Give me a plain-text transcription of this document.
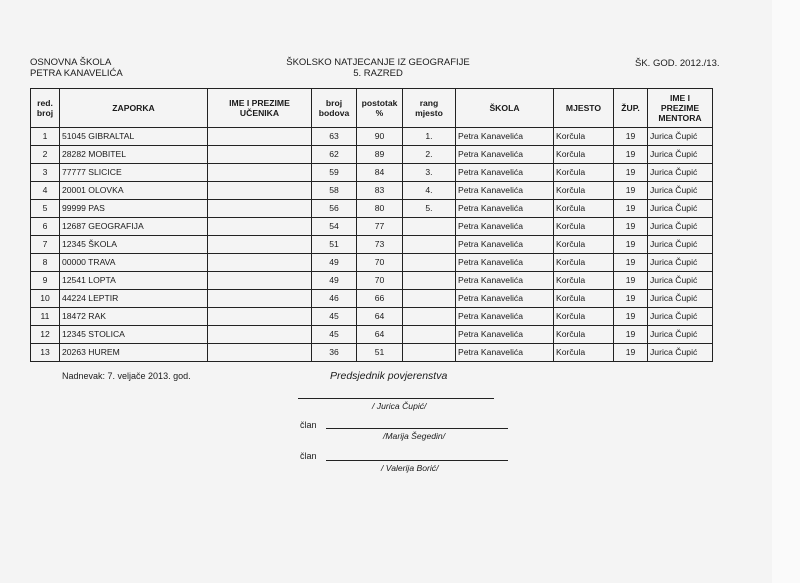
OSNOVNA ŠKOLA
PETRA KANAVELIĆA
ŠKOLSKO NATJECANJE IZ GEOGRAFIJE
5. RAZRED
ŠK. GOD. 2012./13.
red. broj	ZAPORKA	IME I PREZIME UČENIKA	broj bodova	postotak %	rang mjesto	ŠKOLA	MJESTO	ŽUP.	IME I PREZIME MENTORA
1	51045 GIBRALTAL		63	90	1.	Petra Kanavelića	Korčula	19	Jurica Čupić
2	28282 MOBITEL		62	89	2.	Petra Kanavelića	Korčula	19	Jurica Čupić
3	77777 SLICICE		59	84	3.	Petra Kanavelića	Korčula	19	Jurica Čupić
4	20001 OLOVKA		58	83	4.	Petra Kanavelića	Korčula	19	Jurica Čupić
5	99999 PAS		56	80	5.	Petra Kanavelića	Korčula	19	Jurica Čupić
6	12687 GEOGRAFIJA		54	77		Petra Kanavelića	Korčula	19	Jurica Čupić
7	12345 ŠKOLA		51	73		Petra Kanavelića	Korčula	19	Jurica Čupić
8	00000 TRAVA		49	70		Petra Kanavelića	Korčula	19	Jurica Čupić
9	12541 LOPTA		49	70		Petra Kanavelića	Korčula	19	Jurica Čupić
10	44224 LEPTIR		46	66		Petra Kanavelića	Korčula	19	Jurica Čupić
11	18472 RAK		45	64		Petra Kanavelića	Korčula	19	Jurica Čupić
12	12345 STOLICA		45	64		Petra Kanavelića	Korčula	19	Jurica Čupić
13	20263 HUREM		36	51		Petra Kanavelića	Korčula	19	Jurica Čupić
Nadnevak: 7. veljače 2013. god.	Predsjednik povjerenstva
/ Jurica Čupić/
član
/Marija Šegedin/
član
/ Valerija Borić/
